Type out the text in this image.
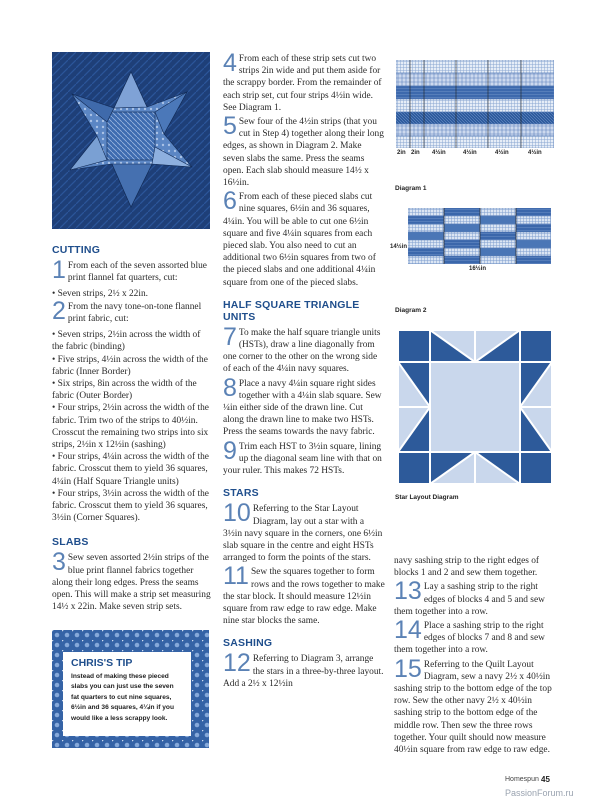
CUTTING
1 From each of the seven assorted blue print flannel fat quarters, cut:

• Seven strips, 2½ x 22in.

2 From the navy tone-on-tone flannel print fabric, cut:

• Seven strips, 2½in across the width of the fabric (binding)

• Five strips, 4½in across the width of the fabric (Inner Border)

• Six strips, 8in across the width of the fabric (Outer Border)

• Four strips, 2½in across the width of the fabric. Trim two of the strips to 40½in. Crosscut the remaining two strips into six strips, 2½in x 12½in (sashing)

• Four strips, 4¼in across the width of the fabric. Crosscut them to yield 36 squares, 4¼in (Half Square Triangle units)

• Four strips, 3½in across the width of the fabric. Crosscut them to yield 36 squares, 3½in (Corner Squares).

SLABS
3 Sew seven assorted 2½in strips of the blue print flannel fabrics together along their long edges. Press the seams open. This will make a strip set measuring 14½ x 22in. Make seven strip sets.
CHRIS'S TIP
Instead of making these pieced slabs you can just use the seven fat quarters to cut nine squares, 6½in and 36 squares, 4¼in if you would like a less scrappy look.
4 From each of these strip sets cut two strips 2in wide and put them aside for the scrappy border. From the remainder of each strip set, cut four strips 4½in wide. See Diagram 1.
5 Sew four of the 4½in strips (that you cut in Step 4) together along their long edges, as shown in Diagram 2. Make seven slabs the same. Press the seams open. Each slab should measure 14½ x 16½in.
6 From each of these pieced slabs cut nine squares, 6½in and 36 squares, 4¼in. You will be able to cut one 6½in square and five 4¼in squares from each pieced slab. You also need to cut an additional two 6½in squares from two of the pieced slabs and one additional 4¼in square from one of the pieced slabs.
HALF SQUARE TRIANGLE UNITS
7 To make the half square triangle units (HSTs), draw a line diagonally from one corner to the other on the wrong side of each of the 4¼in navy squares.
8 Place a navy 4¼in square right sides together with a 4¼in slab square. Sew ¼in either side of the drawn line. Cut along the drawn line to make two HSTs. Press the seams towards the navy fabric.
9 Trim each HST to 3½in square, lining up the diagonal seam line with that on your ruler. This makes 72 HSTs.
STARS
10 Referring to the Star Layout Diagram, lay out a star with a 3½in navy square in the corners, one 6½in slab square in the centre and eight HSTs arranged to form the points of the stars.
11 Sew the squares together to form rows and the rows together to make the star block. It should measure 12½in square from raw edge to raw edge. Make nine star blocks the same.
SASHING
12 Referring to Diagram 3, arrange the stars in a three-by-three layout. Add a 2½ x 12½in

navy sashing strip to the right edges of blocks 1 and 2 and sew them together.

13 Lay a sashing strip to the right edges of blocks 4 and 5 and sew them together into a row.
14 Place a sashing strip to the right edges of blocks 7 and 8 and sew them together into a row.
15 Referring to the Quilt Layout Diagram, sew a navy 2½ x 40½in sashing strip to the bottom edge of the top row. Sew the other navy 2½ x 40½in sashing strip to the bottom edge of the middle row. Then sew the three rows together. Your quilt should now measure 40½in square from raw edge to raw edge.
2in 2in 4½in	4½in	4½in	4½in
Diagram 1
14½in
16½in
Diagram 2
Star Layout Diagram
Homespun 45
PassionForum.ru
